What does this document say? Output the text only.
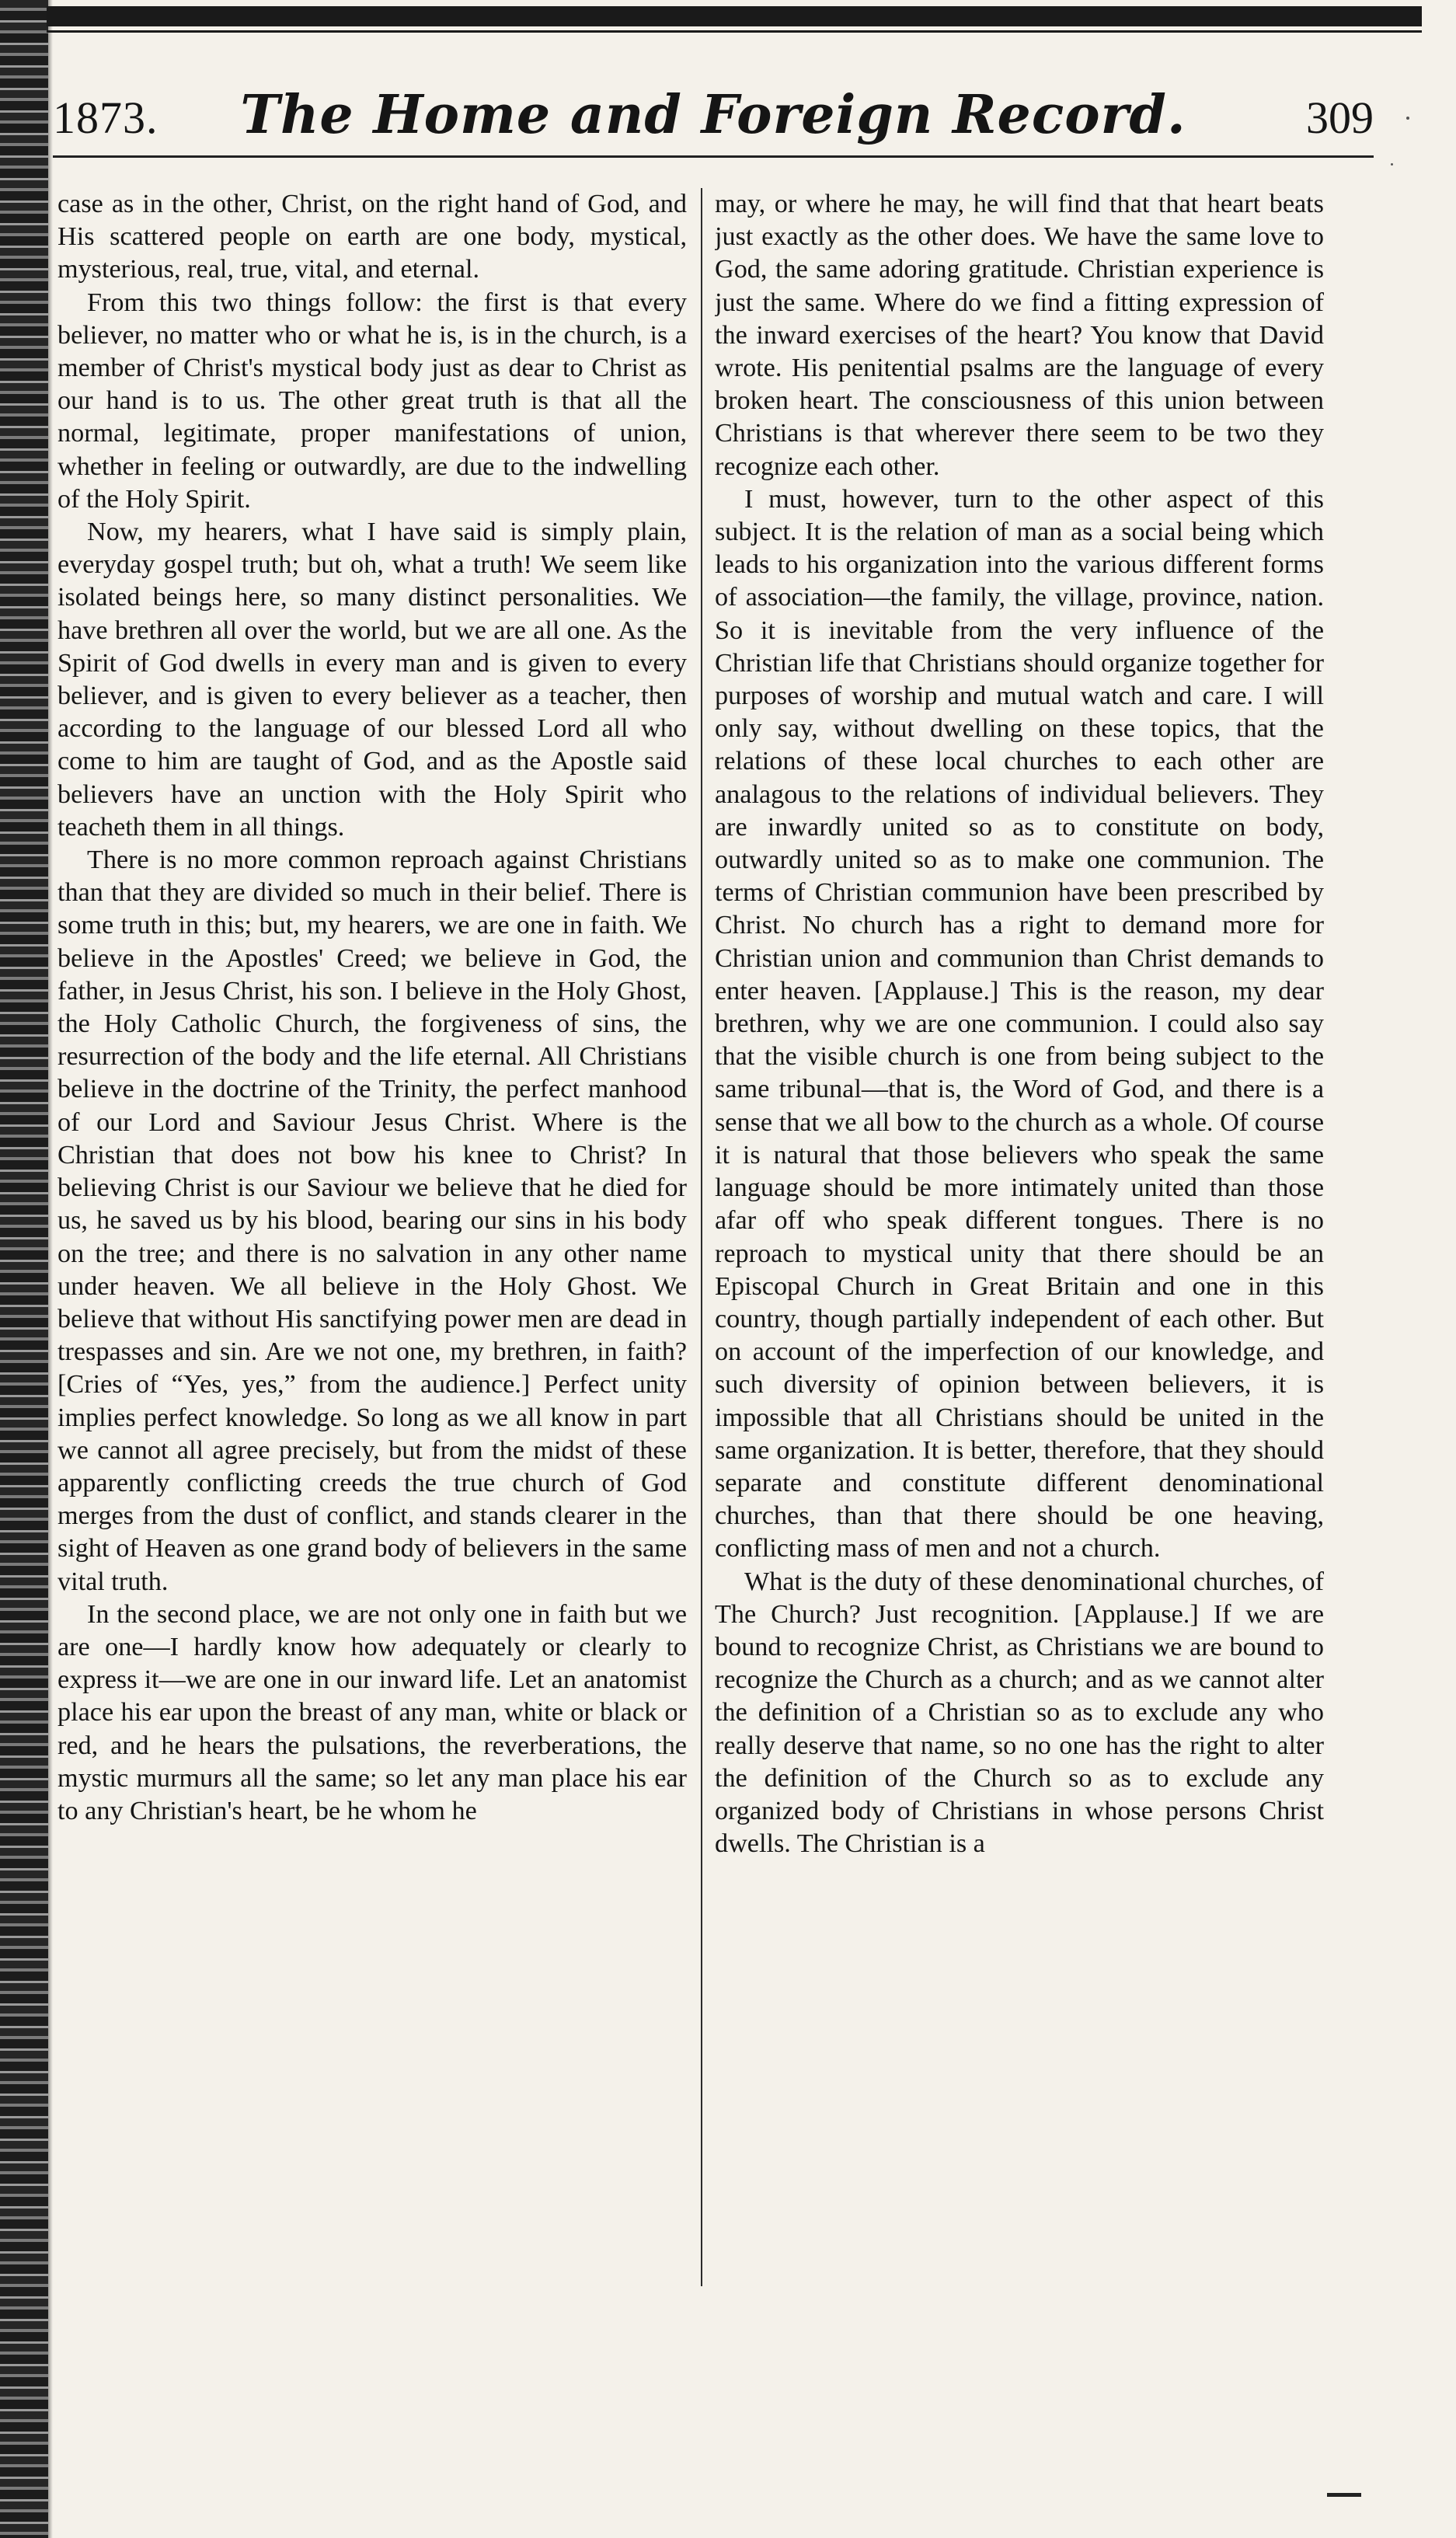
1873.	The Home and Foreign Record.	309

case as in the other, Christ, on the right hand of God, and His scattered people on earth are one body, mystical, mysterious, real, true, vital, and eternal.

From this two things follow: the first is that every believer, no matter who or what he is, is in the church, is a member of Christ's mystical body just as dear to Christ as our hand is to us. The other great truth is that all the normal, legitimate, proper manifestations of union, whether in feeling or outwardly, are due to the indwelling of the Holy Spirit.

Now, my hearers, what I have said is simply plain, everyday gospel truth; but oh, what a truth! We seem like isolated beings here, so many distinct personalities. We have brethren all over the world, but we are all one. As the Spirit of God dwells in every man and is given to every believer, and is given to every believer as a teacher, then according to the language of our blessed Lord all who come to him are taught of God, and as the Apostle said believers have an unction with the Holy Spirit who teacheth them in all things.

There is no more common reproach against Christians than that they are divided so much in their belief. There is some truth in this; but, my hearers, we are one in faith. We believe in the Apostles' Creed; we believe in God, the father, in Jesus Christ, his son. I believe in the Holy Ghost, the Holy Catholic Church, the forgiveness of sins, the resurrection of the body and the life eternal. All Christians believe in the doctrine of the Trinity, the perfect manhood of our Lord and Saviour Jesus Christ. Where is the Christian that does not bow his knee to Christ? In believing Christ is our Saviour we believe that he died for us, he saved us by his blood, bearing our sins in his body on the tree; and there is no salvation in any other name under heaven. We all believe in the Holy Ghost. We believe that without His sanctifying power men are dead in trespasses and sin. Are we not one, my brethren, in faith? [Cries of “Yes, yes,” from the audience.] Perfect unity implies perfect knowledge. So long as we all know in part we cannot all agree precisely, but from the midst of these apparently conflicting creeds the true church of God merges from the dust of conflict, and stands clearer in the sight of Heaven as one grand body of believers in the same vital truth.

In the second place, we are not only one in faith but we are one—I hardly know how adequately or clearly to express it—we are one in our inward life. Let an anatomist place his ear upon the breast of any man, white or black or red, and he hears the pulsations, the reverberations, the mystic murmurs all the same; so let any man place his ear to any Christian's heart, be he whom he

may, or where he may, he will find that that heart beats just exactly as the other does. We have the same love to God, the same adoring gratitude. Christian experience is just the same. Where do we find a fitting expression of the inward exercises of the heart? You know that David wrote. His penitential psalms are the language of every broken heart. The consciousness of this union between Christians is that wherever there seem to be two they recognize each other.

I must, however, turn to the other aspect of this subject. It is the relation of man as a social being which leads to his organization into the various different forms of association—the family, the village, province, nation. So it is inevitable from the very influence of the Christian life that Christians should organize together for purposes of worship and mutual watch and care. I will only say, without dwelling on these topics, that the relations of these local churches to each other are analagous to the relations of individual believers. They are inwardly united so as to constitute on body, outwardly united so as to make one communion. The terms of Christian communion have been prescribed by Christ. No church has a right to demand more for Christian union and communion than Christ demands to enter heaven. [Applause.] This is the reason, my dear brethren, why we are one communion. I could also say that the visible church is one from being subject to the same tribunal—that is, the Word of God, and there is a sense that we all bow to the church as a whole. Of course it is natural that those believers who speak the same language should be more intimately united than those afar off who speak different tongues. There is no reproach to mystical unity that there should be an Episcopal Church in Great Britain and one in this country, though partially independent of each other. But on account of the imperfection of our knowledge, and such diversity of opinion between believers, it is impossible that all Christians should be united in the same organization. It is better, therefore, that they should separate and constitute different denominational churches, than that there should be one heaving, conflicting mass of men and not a church.

What is the duty of these denominational churches, of The Church? Just recognition. [Applause.] If we are bound to recognize Christ, as Christians we are bound to recognize the Church as a church; and as we cannot alter the definition of a Christian so as to exclude any who really deserve that name, so no one has the right to alter the definition of the Church so as to exclude any organized body of Christians in whose persons Christ dwells. The Christian is a
